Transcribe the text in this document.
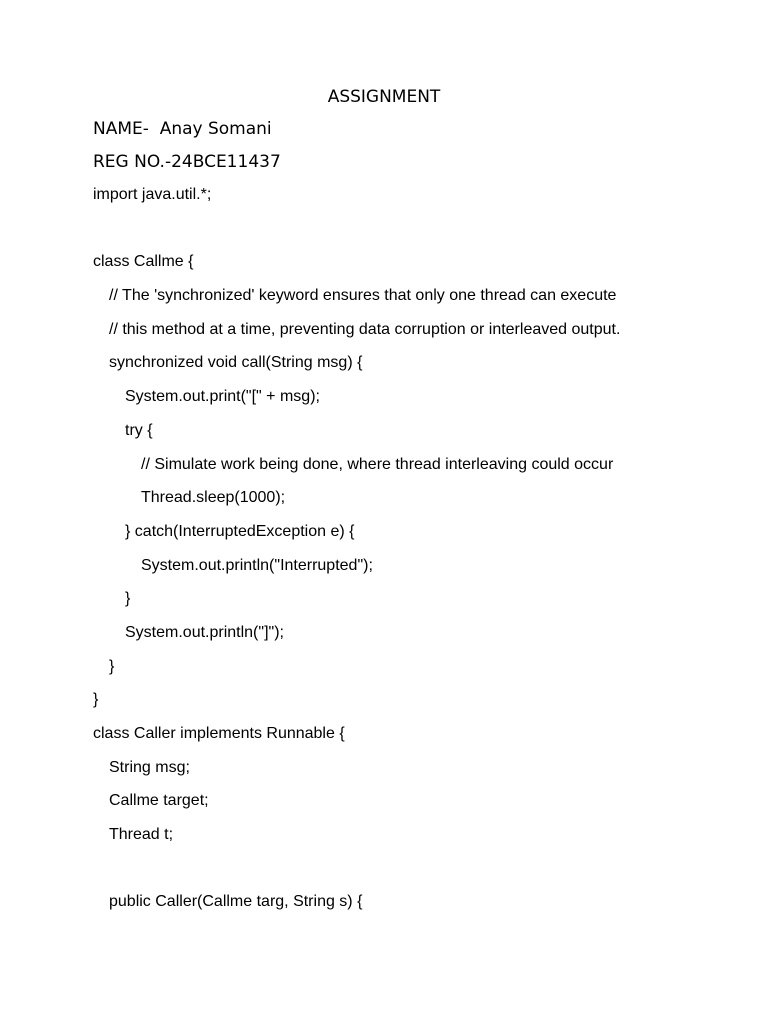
ASSIGNMENT
NAME-  Anay Somani
REG NO.-24BCE11437
import java.util.*;
class Callme {
// The 'synchronized' keyword ensures that only one thread can execute
// this method at a time, preventing data corruption or interleaved output.
synchronized void call(String msg) {
System.out.print("[" + msg);
try {
// Simulate work being done, where thread interleaving could occur
Thread.sleep(1000);
} catch(InterruptedException e) {
System.out.println("Interrupted");
}
System.out.println("]");
}
}
class Caller implements Runnable {
String msg;
Callme target;
Thread t;
public Caller(Callme targ, String s) {
